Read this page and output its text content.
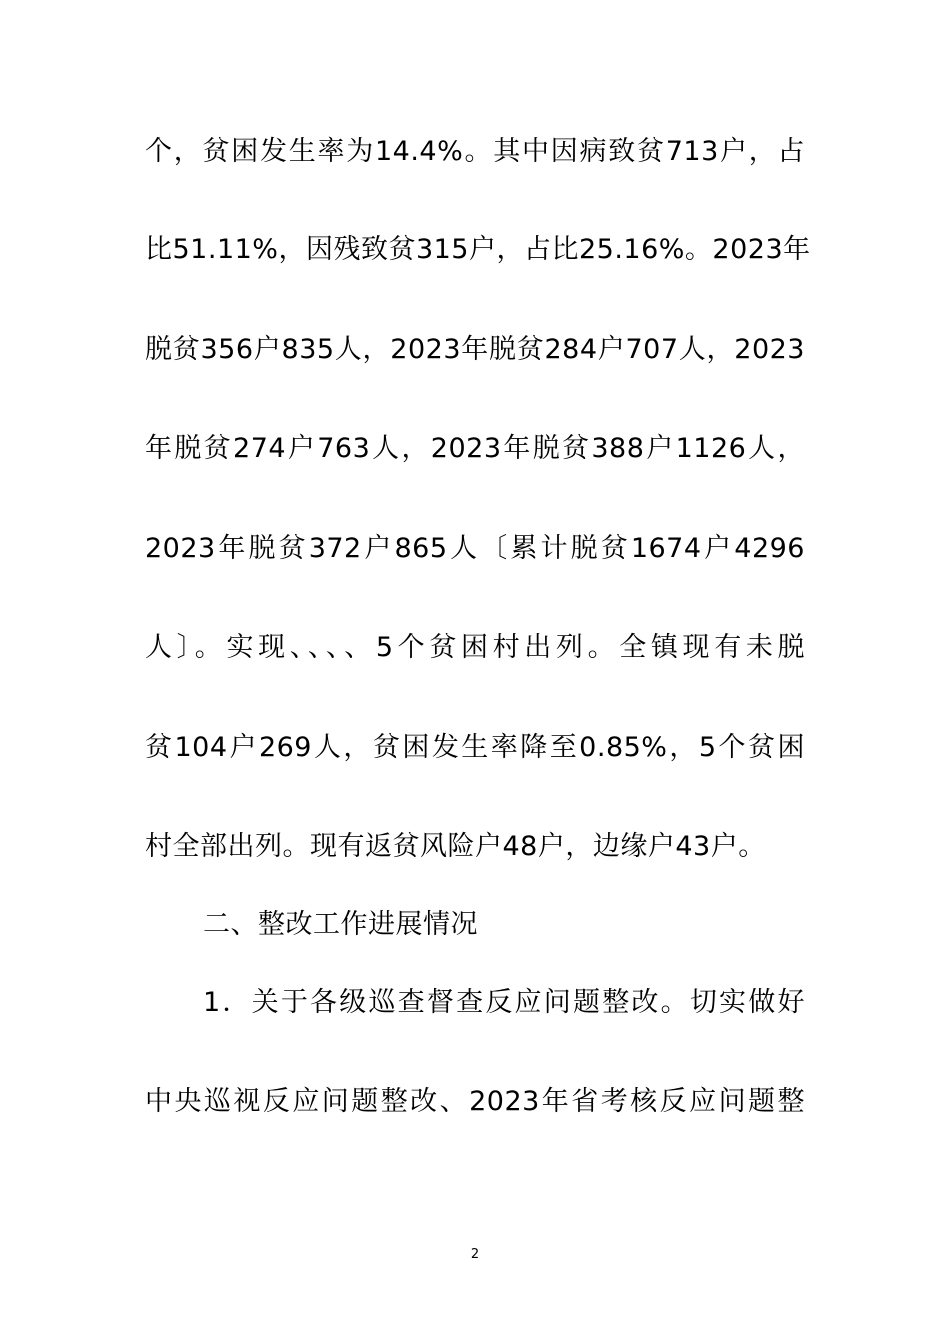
个，贫困发生率为14.4%。其中因病致贫713户，占
比51.11%，因残致贫315户，占比25.16%。2023年
脱贫356户835人，2023年脱贫284户707人，2023
年脱贫274户763人，2023年脱贫388户1126人，
2023年脱贫372户865人〔累计脱贫1674户4296
人〕。实现、、、、5个贫困村出列。全镇现有未脱
贫104户269人，贫困发生率降至0.85%，5个贫困
村全部出列。现有返贫风险户48户，边缘户43户。
二、整改工作进展情况
1．关于各级巡查督查反应问题整改。切实做好
中央巡视反应问题整改、2023年省考核反应问题整
2
